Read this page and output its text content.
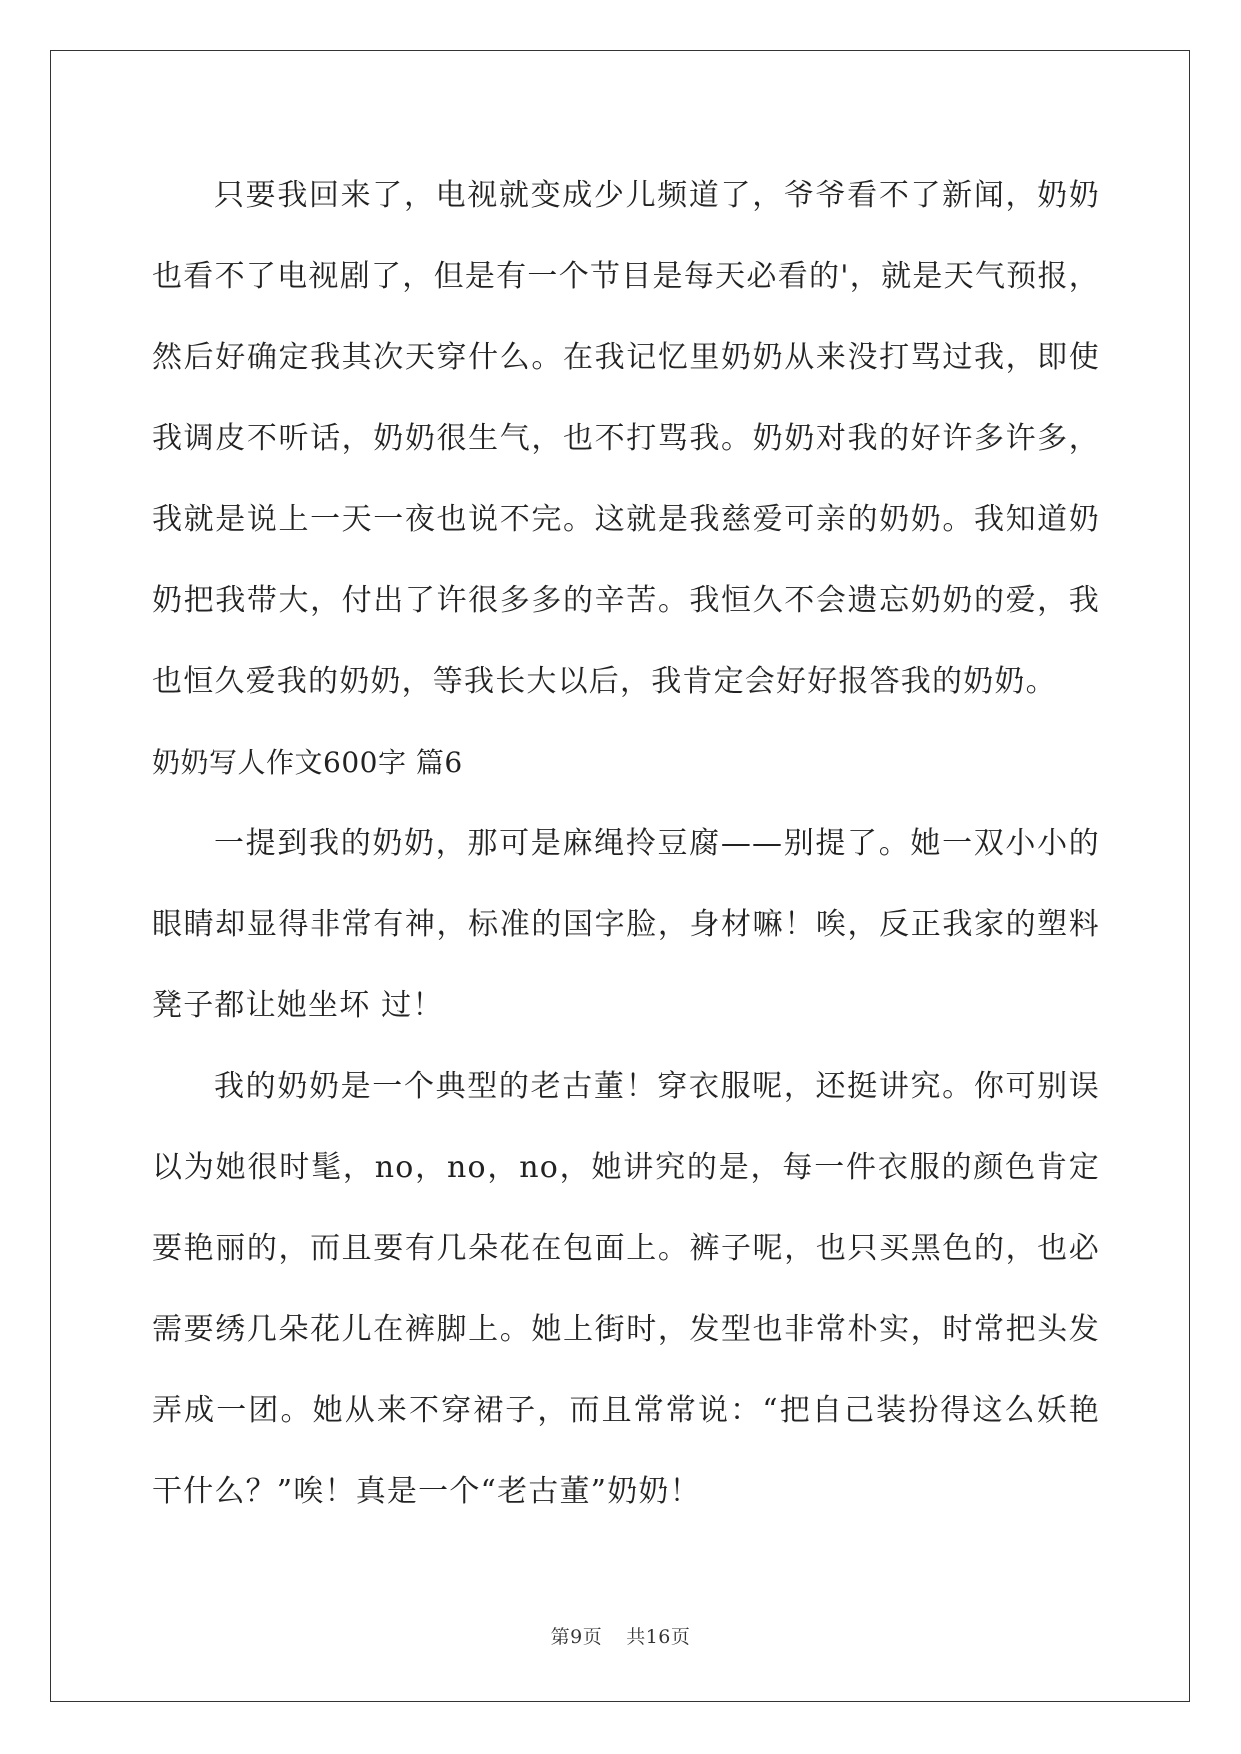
只要我回来了，电视就变成少儿频道了，爷爷看不了新闻，奶奶也看不了电视剧了，但是有一个节目是每天必看的'，就是天气预报，然后好确定我其次天穿什么。在我记忆里奶奶从来没打骂过我，即使我调皮不听话，奶奶很生气，也不打骂我。奶奶对我的好许多许多，我就是说上一天一夜也说不完。这就是我慈爱可亲的奶奶。我知道奶奶把我带大，付出了许很多多的辛苦。我恒久不会遗忘奶奶的爱，我也恒久爱我的奶奶，等我长大以后，我肯定会好好报答我的奶奶。

奶奶写人作文600字 篇6

一提到我的奶奶，那可是麻绳拎豆腐——别提了。她一双小小的眼睛却显得非常有神，标准的国字脸，身材嘛！唉，反正我家的塑料凳子都让她坐坏 过！

我的奶奶是一个典型的老古董！穿衣服呢，还挺讲究。你可别误以为她很时髦，no，no，no，她讲究的是，每一件衣服的颜色肯定要艳丽的，而且要有几朵花在包面上。裤子呢，也只买黑色的，也必需要绣几朵花儿在裤脚上。她上街时，发型也非常朴实，时常把头发弄成一团。她从来不穿裙子，而且常常说：“把自己装扮得这么妖艳干什么？”唉！真是一个“老古董”奶奶！

第9页 共16页
